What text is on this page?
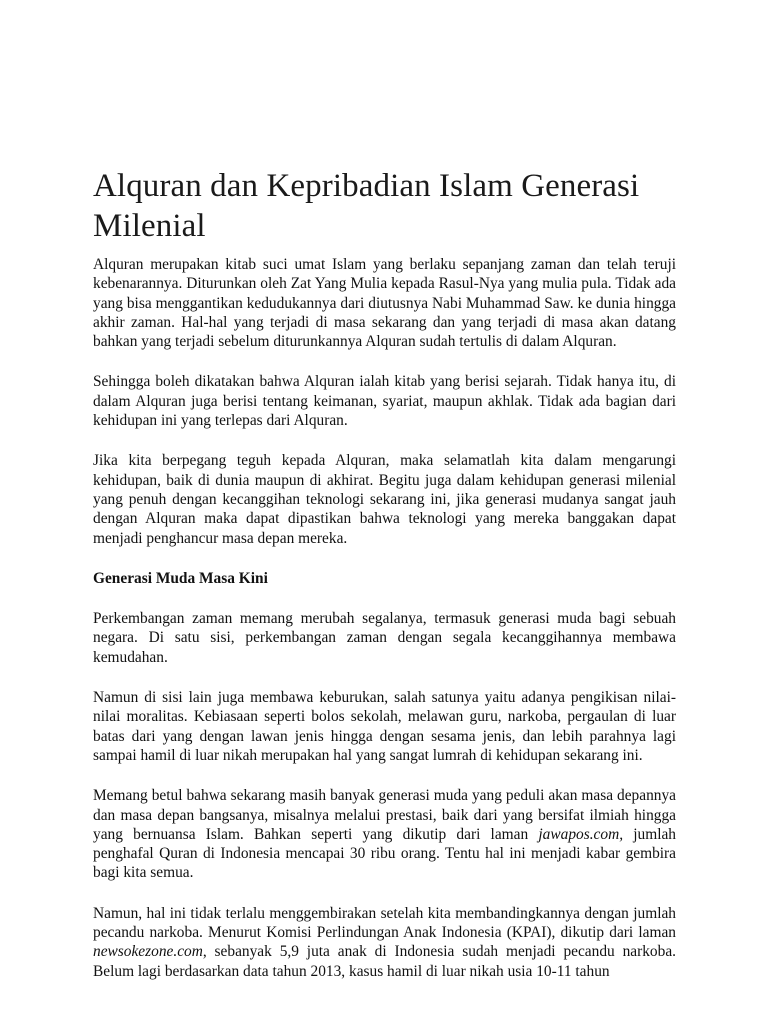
Alquran dan Kepribadian Islam Generasi Milenial

Alquran merupakan kitab suci umat Islam yang berlaku sepanjang zaman dan telah teruji kebenarannya. Diturunkan oleh Zat Yang Mulia kepada Rasul-Nya yang mulia pula. Tidak ada yang bisa menggantikan kedudukannya dari diutusnya Nabi Muhammad Saw. ke dunia hingga akhir zaman. Hal-hal yang terjadi di masa sekarang dan yang terjadi di masa akan datang bahkan yang terjadi sebelum diturunkannya Alquran sudah tertulis di dalam Alquran.

Sehingga boleh dikatakan bahwa Alquran ialah kitab yang berisi sejarah. Tidak hanya itu, di dalam Alquran juga berisi tentang keimanan, syariat, maupun akhlak. Tidak ada bagian dari kehidupan ini yang terlepas dari Alquran.

Jika kita berpegang teguh kepada Alquran, maka selamatlah kita dalam mengarungi kehidupan, baik di dunia maupun di akhirat. Begitu juga dalam kehidupan generasi milenial yang penuh dengan kecanggihan teknologi sekarang ini, jika generasi mudanya sangat jauh dengan Alquran maka dapat dipastikan bahwa teknologi yang mereka banggakan dapat menjadi penghancur masa depan mereka.

Generasi Muda Masa Kini

Perkembangan zaman memang merubah segalanya, termasuk generasi muda bagi sebuah negara. Di satu sisi, perkembangan zaman dengan segala kecanggihannya membawa kemudahan.

Namun di sisi lain juga membawa keburukan, salah satunya yaitu adanya pengikisan nilai-nilai moralitas. Kebiasaan seperti bolos sekolah, melawan guru, narkoba, pergaulan di luar batas dari yang dengan lawan jenis hingga dengan sesama jenis, dan lebih parahnya lagi sampai hamil di luar nikah merupakan hal yang sangat lumrah di kehidupan sekarang ini.

Memang betul bahwa sekarang masih banyak generasi muda yang peduli akan masa depannya dan masa depan bangsanya, misalnya melalui prestasi, baik dari yang bersifat ilmiah hingga yang bernuansa Islam. Bahkan seperti yang dikutip dari laman jawapos.com, jumlah penghafal Quran di Indonesia mencapai 30 ribu orang. Tentu hal ini menjadi kabar gembira bagi kita semua.

Namun, hal ini tidak terlalu menggembirakan setelah kita membandingkannya dengan jumlah pecandu narkoba. Menurut Komisi Perlindungan Anak Indonesia (KPAI), dikutip dari laman newsokezone.com, sebanyak 5,9 juta anak di Indonesia sudah menjadi pecandu narkoba. Belum lagi berdasarkan data tahun 2013, kasus hamil di luar nikah usia 10-11 tahun
